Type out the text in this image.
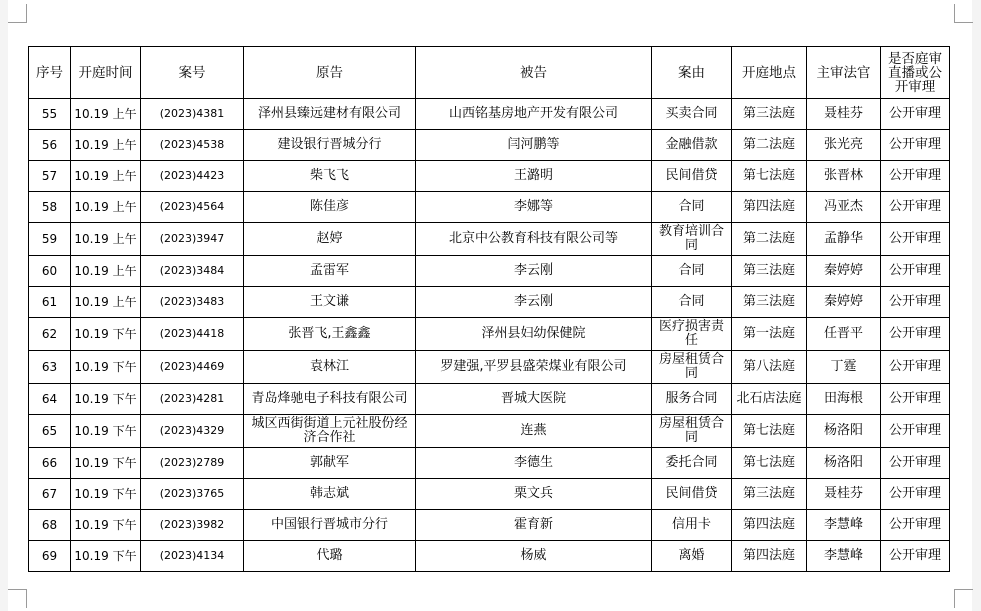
序号	开庭时间	案号	原告	被告	案由	开庭地点	主审法官	是否庭审直播或公开审理
55	10.19 上午	(2023)4381	泽州县臻远建材有限公司	山西铭基房地产开发有限公司	买卖合同	第三法庭	聂桂芬	公开审理
56	10.19 上午	(2023)4538	建设银行晋城分行	闫河鹏等	金融借款	第二法庭	张光亮	公开审理
57	10.19 上午	(2023)4423	柴飞飞	王潞明	民间借贷	第七法庭	张晋林	公开审理
58	10.19 上午	(2023)4564	陈佳彦	李娜等	合同	第四法庭	冯亚杰	公开审理
59	10.19 上午	(2023)3947	赵婷	北京中公教育科技有限公司等	教育培训合同	第二法庭	孟静华	公开审理
60	10.19 上午	(2023)3484	孟雷军	李云刚	合同	第三法庭	秦婷婷	公开审理
61	10.19 上午	(2023)3483	王文谦	李云刚	合同	第三法庭	秦婷婷	公开审理
62	10.19 下午	(2023)4418	张晋飞,王鑫鑫	泽州县妇幼保健院	医疗损害责任	第一法庭	任晋平	公开审理
63	10.19 下午	(2023)4469	袁林江	罗建强,平罗县盛荣煤业有限公司	房屋租赁合同	第八法庭	丁霆	公开审理
64	10.19 下午	(2023)4281	青岛烽驰电子科技有限公司	晋城大医院	服务合同	北石店法庭	田海根	公开审理
65	10.19 下午	(2023)4329	城区西街街道上元社股份经济合作社	连燕	房屋租赁合同	第七法庭	杨洛阳	公开审理
66	10.19 下午	(2023)2789	郭献军	李德生	委托合同	第七法庭	杨洛阳	公开审理
67	10.19 下午	(2023)3765	韩志斌	栗文兵	民间借贷	第三法庭	聂桂芬	公开审理
68	10.19 下午	(2023)3982	中国银行晋城市分行	霍育新	信用卡	第四法庭	李慧峰	公开审理
69	10.19 下午	(2023)4134	代璐	杨威	离婚	第四法庭	李慧峰	公开审理
